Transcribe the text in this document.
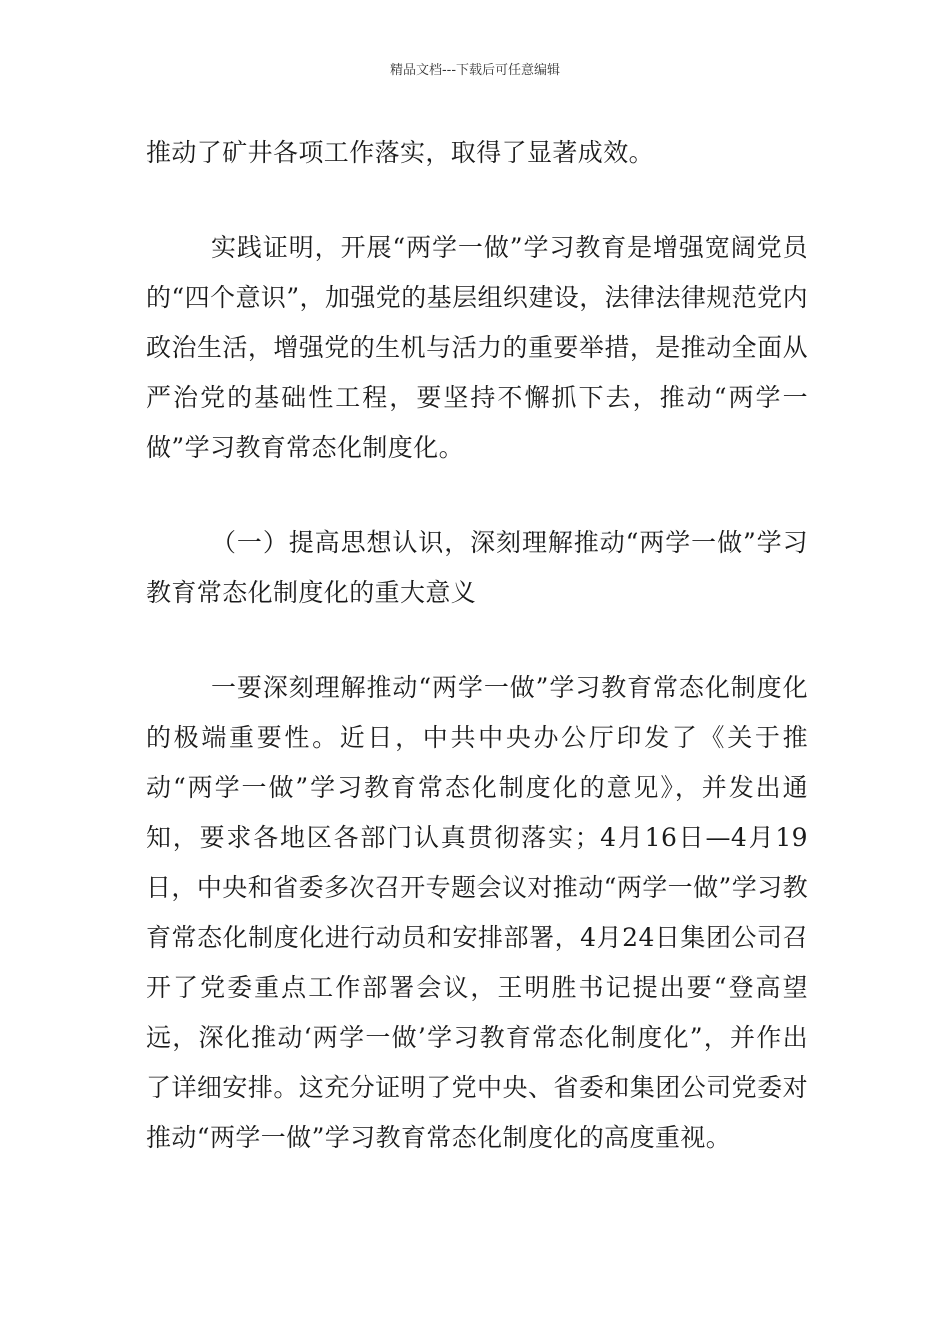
精品文档---下载后可任意编辑

推动了矿井各项工作落实，取得了显著成效。

实践证明，开展“两学一做”学习教育是增强宽阔党员的“四个意识”，加强党的基层组织建设，法律法律规范党内政治生活，增强党的生机与活力的重要举措，是推动全面从严治党的基础性工程，要坚持不懈抓下去，推动“两学一做”学习教育常态化制度化。

（一）提高思想认识，深刻理解推动“两学一做”学习教育常态化制度化的重大意义

一要深刻理解推动“两学一做”学习教育常态化制度化的极端重要性。近日，中共中央办公厅印发了《关于推动“两学一做”学习教育常态化制度化的意见》，并发出通知，要求各地区各部门认真贯彻落实；4月16日—4月19日，中央和省委多次召开专题会议对推动“两学一做”学习教育常态化制度化进行动员和安排部署，4月24日集团公司召开了党委重点工作部署会议，王明胜书记提出要“登高望远，深化推动‘两学一做’学习教育常态化制度化”，并作出了详细安排。这充分证明了党中央、省委和集团公司党委对推动“两学一做”学习教育常态化制度化的高度重视。
